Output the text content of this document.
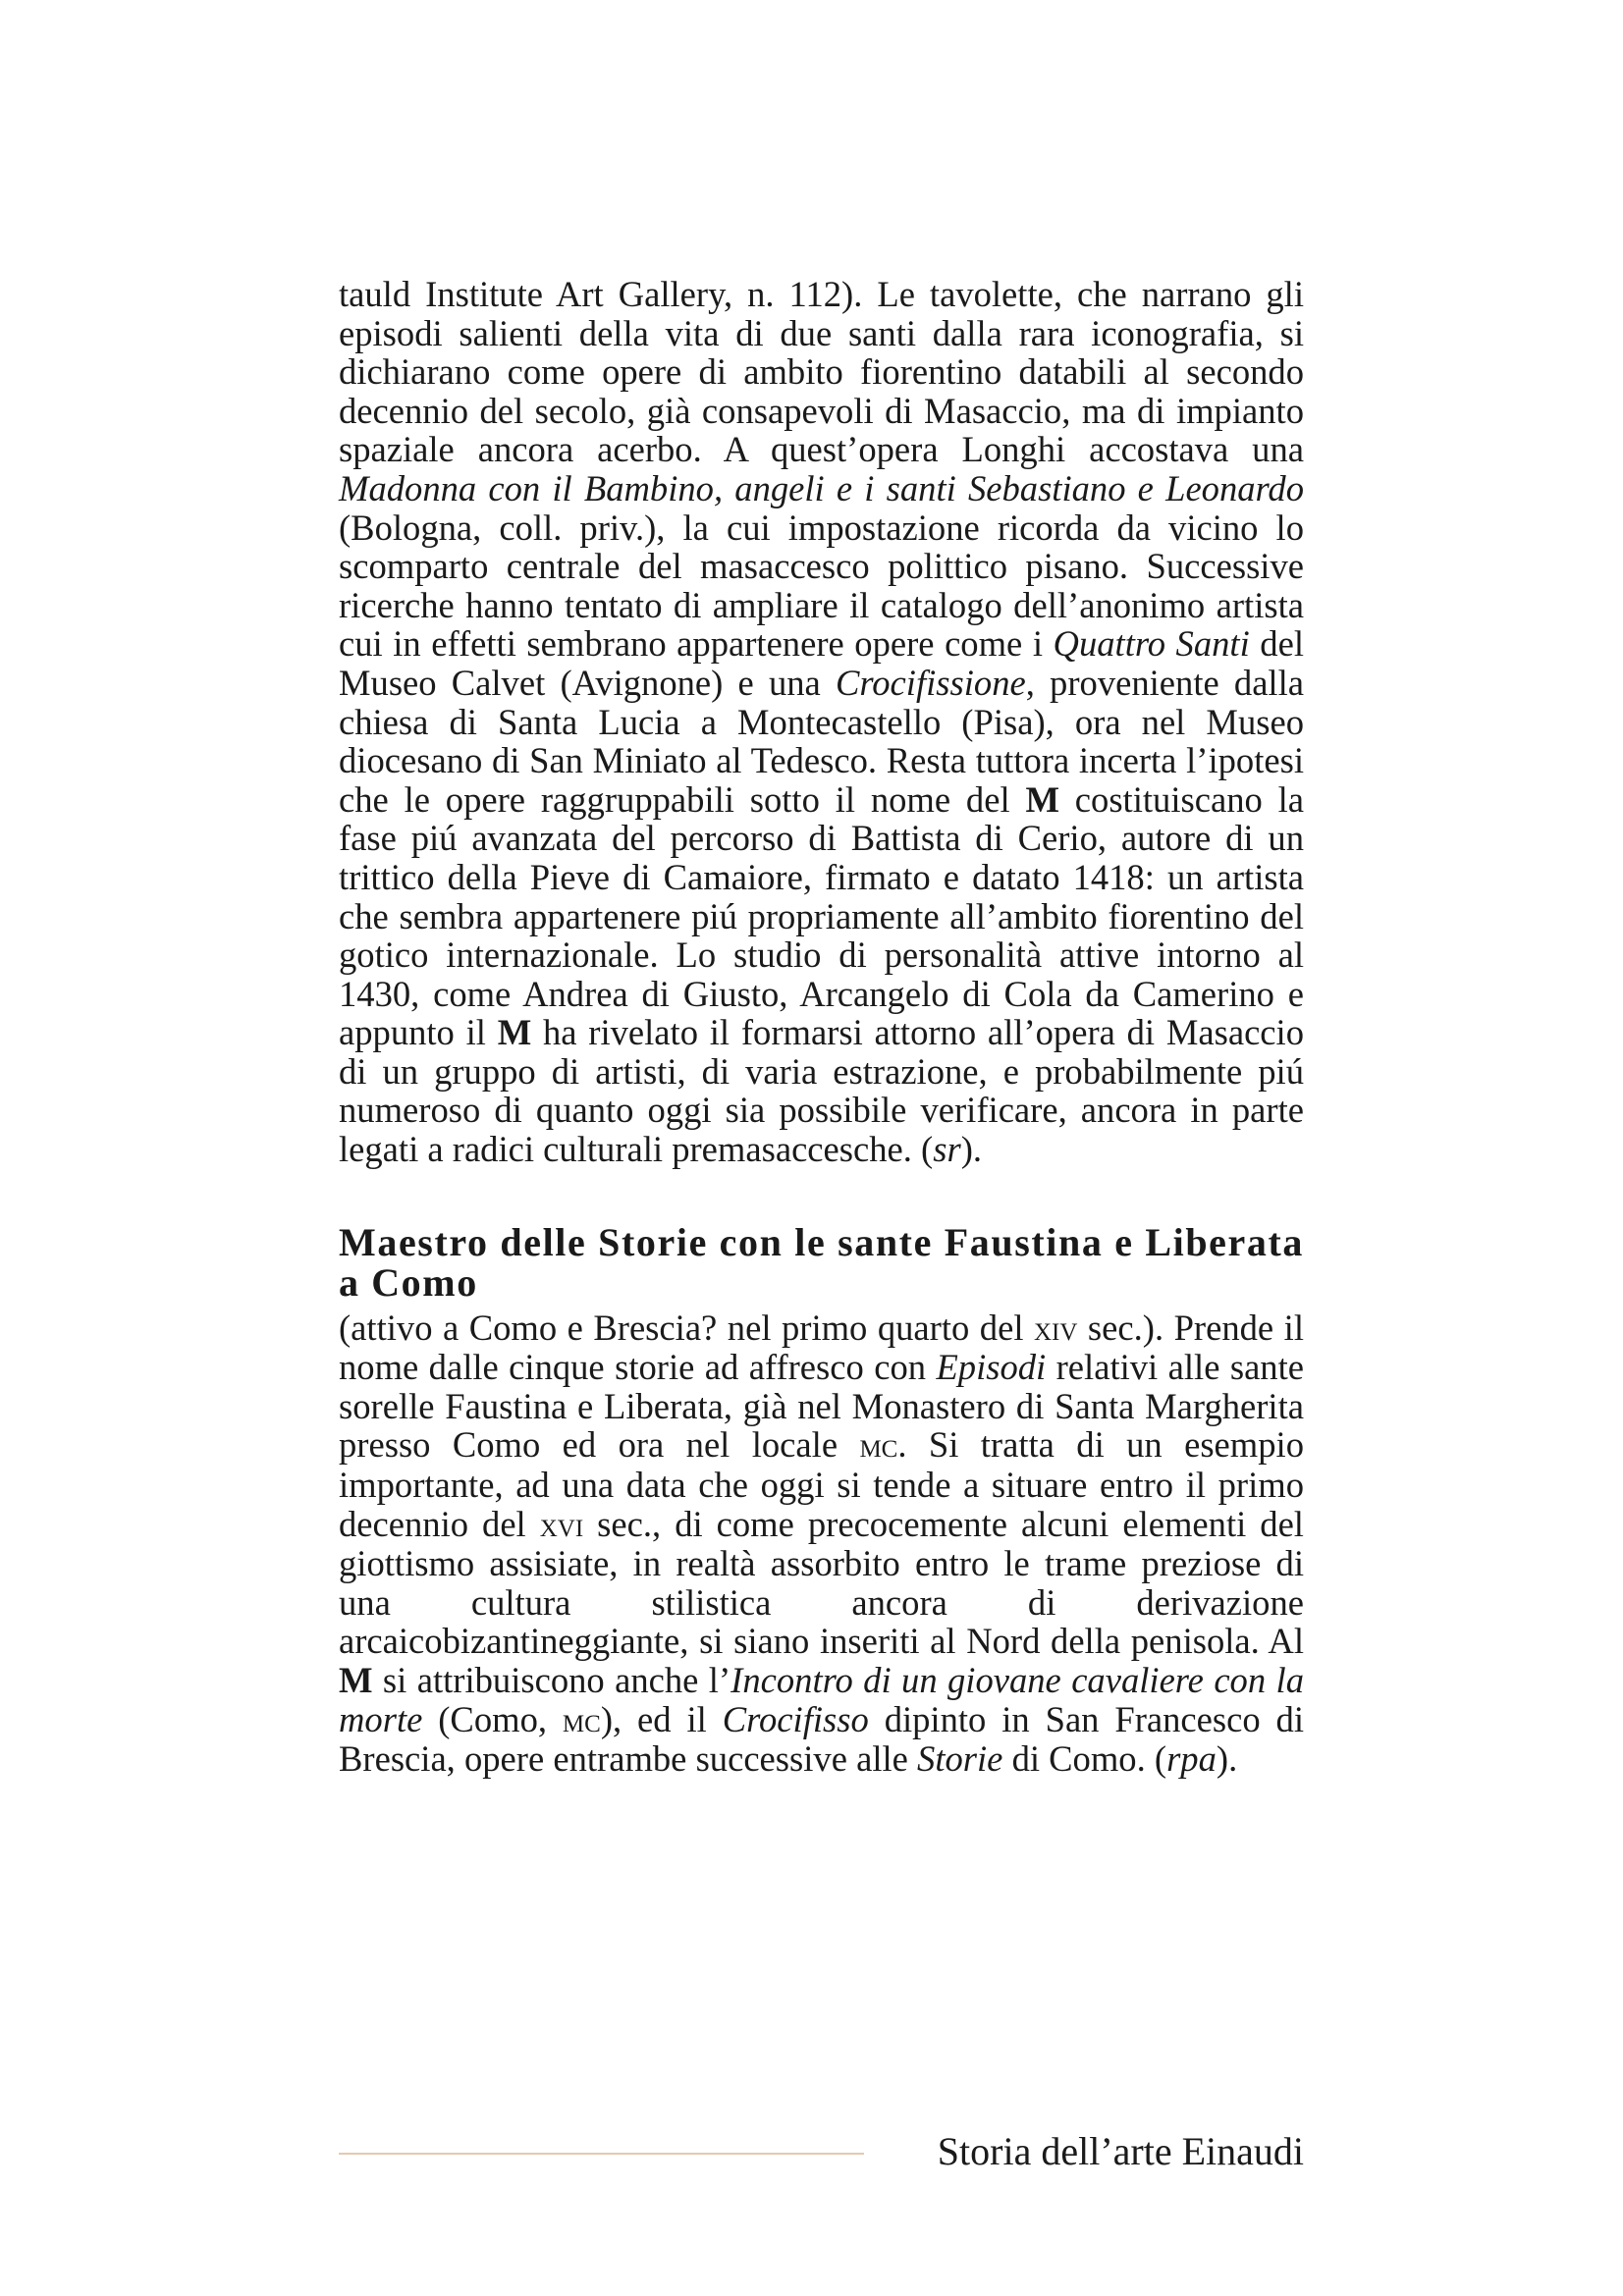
tauld Institute Art Gallery, n. 112). Le tavolette, che narrano gli episodi salienti della vita di due santi dalla rara iconografia, si dichiarano come opere di ambito fiorentino databili al secondo decennio del secolo, già consapevoli di Masaccio, ma di impianto spaziale ancora acerbo. A quest’opera Longhi accostava una Madonna con il Bambino, angeli e i santi Sebastiano e Leonardo (Bologna, coll. priv.), la cui impostazione ricorda da vicino lo scomparto centrale del masaccesco polittico pisano. Successive ricerche hanno tentato di ampliare il catalogo dell’anonimo artista cui in effetti sembrano appartenere opere come i Quattro Santi del Museo Calvet (Avignone) e una Crocifissione, proveniente dalla chiesa di Santa Lucia a Montecastello (Pisa), ora nel Museo diocesano di San Miniato al Tedesco. Resta tuttora incerta l’ipotesi che le opere raggruppabili sotto il nome del M costituiscano la fase piú avanzata del percorso di Battista di Cerio, autore di un trittico della Pieve di Camaiore, firmato e datato 1418: un artista che sembra appartenere piú propriamente all’ambito fiorentino del gotico internazionale. Lo studio di personalità attive intorno al 1430, come Andrea di Giusto, Arcangelo di Cola da Camerino e appunto il M ha rivelato il formarsi attorno all’opera di Masaccio di un gruppo di artisti, di varia estrazione, e probabilmente piú numeroso di quanto oggi sia possibile verificare, ancora in parte legati a radici culturali premasaccesche. (sr).

Maestro delle Storie con le sante Faustina e Liberata a Como

(attivo a Como e Brescia? nel primo quarto del xiv sec.). Prende il nome dalle cinque storie ad affresco con Episodi relativi alle sante sorelle Faustina e Liberata, già nel Monastero di Santa Margherita presso Como ed ora nel locale mc. Si tratta di un esempio importante, ad una data che oggi si tende a situare entro il primo decennio del xvi sec., di come precocemente alcuni elementi del giottismo assisiate, in realtà assorbito entro le trame preziose di una cultura stilistica ancora di derivazione arcaicobizantineggiante, si siano inseriti al Nord della penisola. Al M si attribuiscono anche l’Incontro di un giovane cavaliere con la morte (Como, mc), ed il Crocifisso dipinto in San Francesco di Brescia, opere entrambe successive alle Storie di Como. (rpa).

Storia dell’arte Einaudi
